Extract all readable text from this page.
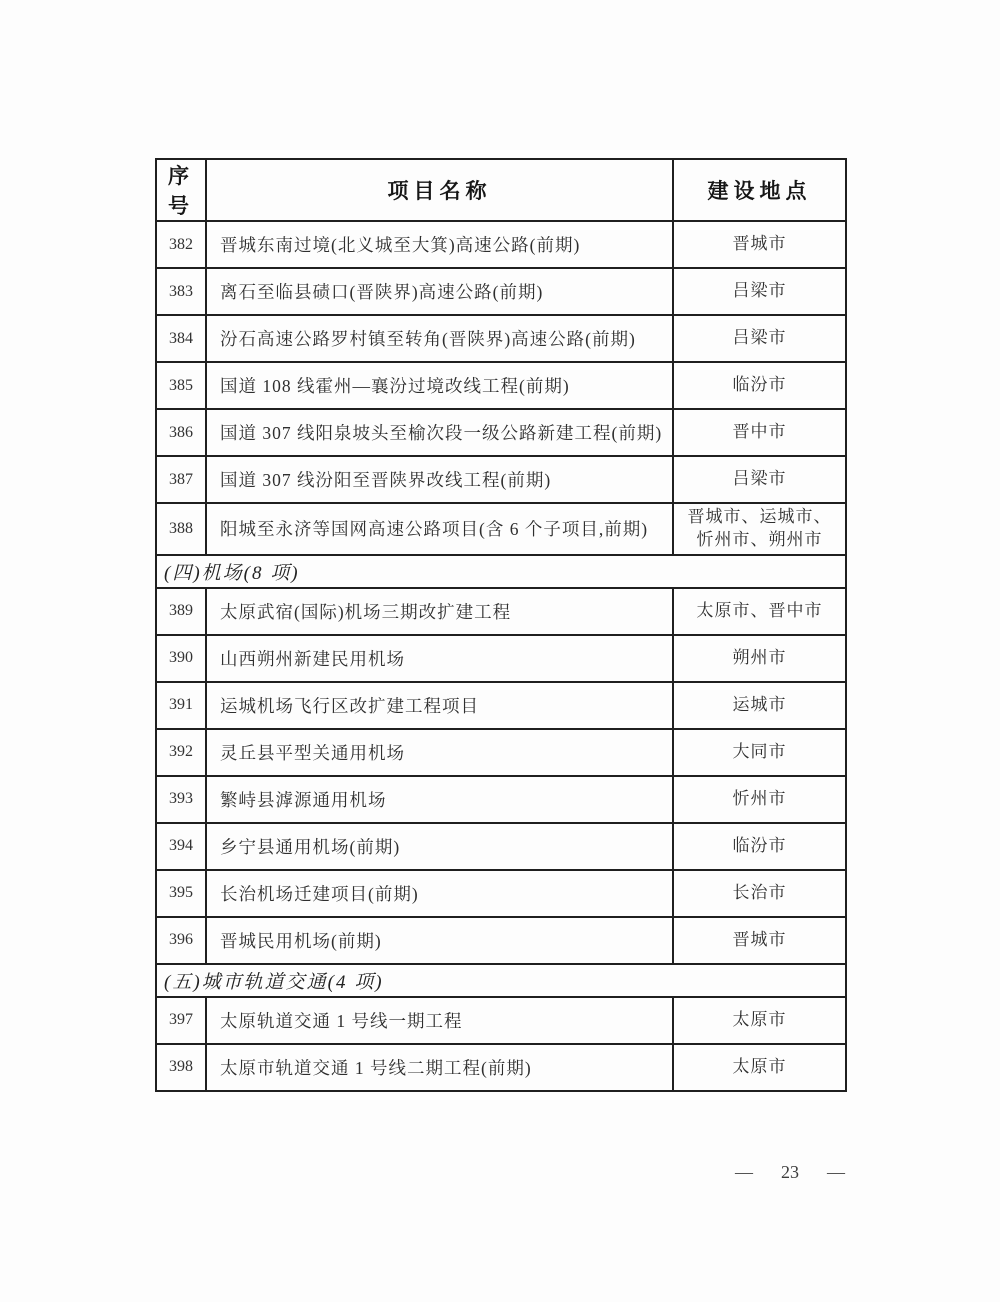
序号	项目名称	建设地点
382	晋城东南过境(北义城至大箕)高速公路(前期)	晋城市
383	离石至临县碛口(晋陕界)高速公路(前期)	吕梁市
384	汾石高速公路罗村镇至转角(晋陕界)高速公路(前期)	吕梁市
385	国道 108 线霍州—襄汾过境改线工程(前期)	临汾市
386	国道 307 线阳泉坡头至榆次段一级公路新建工程(前期)	晋中市
387	国道 307 线汾阳至晋陕界改线工程(前期)	吕梁市
388	阳城至永济等国网高速公路项目(含 6 个子项目,前期)	晋城市、运城市、忻州市、朔州市
(四)机场(8 项)		
389	太原武宿(国际)机场三期改扩建工程	太原市、晋中市
390	山西朔州新建民用机场	朔州市
391	运城机场飞行区改扩建工程项目	运城市
392	灵丘县平型关通用机场	大同市
393	繁峙县滹源通用机场	忻州市
394	乡宁县通用机场(前期)	临汾市
395	长治机场迁建项目(前期)	长治市
396	晋城民用机场(前期)	晋城市
(五)城市轨道交通(4 项)		
397	太原轨道交通 1 号线一期工程	太原市
398	太原市轨道交通 1 号线二期工程(前期)	太原市
— 23 —
